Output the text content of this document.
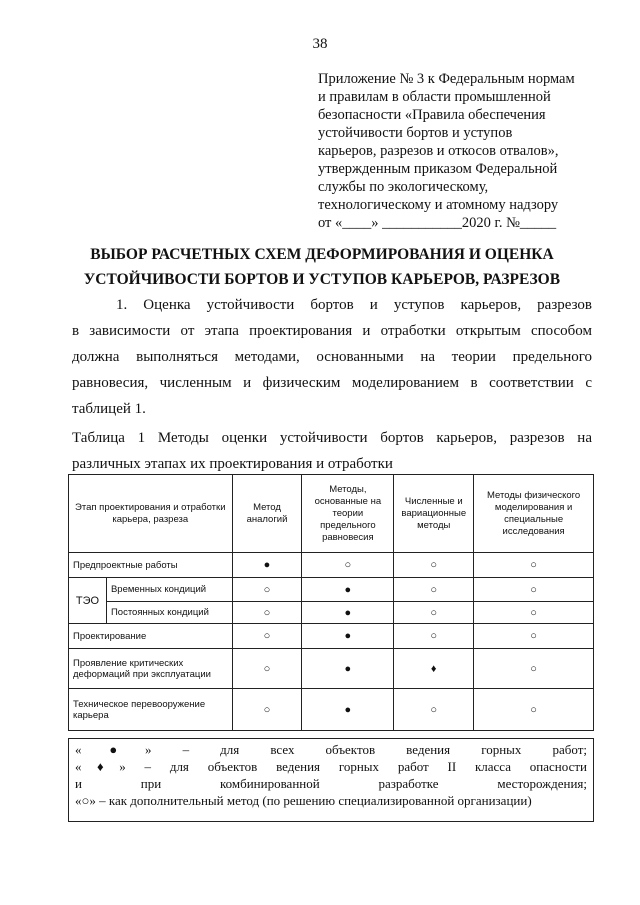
38
Приложение № 3 к Федеральным нормам
и правилам в области промышленной
безопасности «Правила обеспечения
устойчивости бортов и уступов
карьеров, разрезов и откосов отвалов»,
утвержденным приказом Федеральной
службы по экологическому,
технологическому и атомному надзору
от «____» ___________2020 г. №_____
ВЫБОР РАСЧЕТНЫХ СХЕМ ДЕФОРМИРОВАНИЯ И ОЦЕНКА
УСТОЙЧИВОСТИ БОРТОВ И УСТУПОВ КАРЬЕРОВ, РАЗРЕЗОВ
1. Оценка устойчивости бортов и уступов карьеров, разрезов
в зависимости от этапа проектирования и отработки открытым способом
должна выполняться методами, основанными на теории предельного
равновесия, численным и физическим моделированием в соответствии с
таблицей 1.
Таблица 1 Методы оценки устойчивости бортов карьеров, разрезов на
различных этапах их проектирования и отработки
Этап проектирования и отработки карьера, разреза		Метод аналогий	Методы, основанные на теории предельного равновесия	Численные и вариационные методы	Методы физического моделирования и специальные исследования
Предпроектные работы		●	○	○	○
ТЭО	Временных кондиций	○	●	○	○
	Постоянных кондиций	○	●	○	○
Проектирование		○	●	○	○
Проявление критических деформаций при эксплуатации		○	●	♦	○
Техническое перевооружение карьера		○	●	○	○
«●» – для всех объектов ведения горных работ;
«♦» – для объектов ведения горных работ II класса опасности
и при комбинированной разработке месторождения;
«○» – как дополнительный метод (по решению специализированной организации)
